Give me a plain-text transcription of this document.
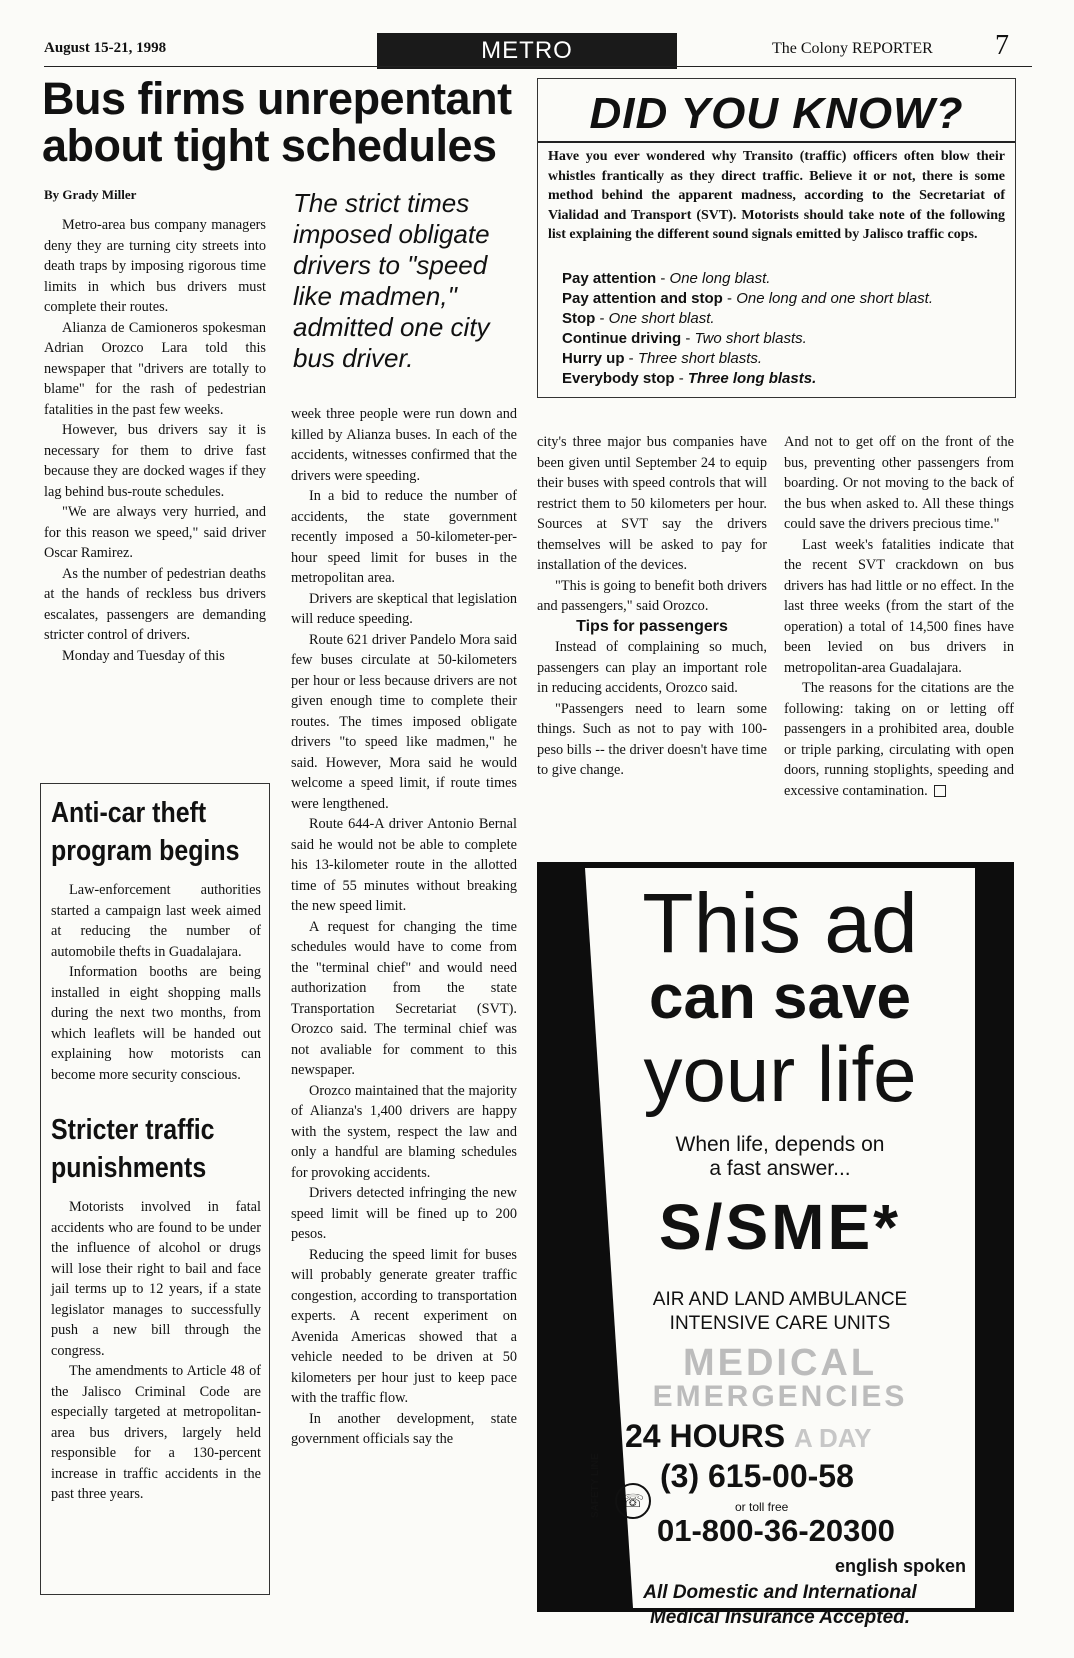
August 15-21, 1998	METRO	The Colony REPORTER 7
Bus firms unrepentant about tight schedules
By Grady Miller

Metro-area bus company managers deny they are turning city streets into death traps by imposing rigorous time limits in which bus drivers must complete their routes.

Alianza de Camioneros spokesman Adrian Orozco Lara told this newspaper that "drivers are totally to blame" for the rash of pedestrian fatalities in the past few weeks.

However, bus drivers say it is necessary for them to drive fast because they are docked wages if they lag behind bus-route schedules.

"We are always very hurried, and for this reason we speed," said driver Oscar Ramirez.

As the number of pedestrian deaths at the hands of reckless bus drivers escalates, passengers are demanding stricter control of drivers.

Monday and Tuesday of this

The strict times imposed obligate drivers to "speed like madmen," admitted one city bus driver.

week three people were run down and killed by Alianza buses. In each of the accidents, witnesses confirmed that the drivers were speeding.

In a bid to reduce the number of accidents, the state government recently imposed a 50-kilometer-per-hour speed limit for buses in the metropolitan area.

Drivers are skeptical that legislation will reduce speeding.

Route 621 driver Pandelo Mora said few buses circulate at 50-kilometers per hour or less because drivers are not given enough time to complete their routes. The times imposed obligate drivers "to speed like madmen," he said. However, Mora said he would welcome a speed limit, if route times were lengthened.

Route 644-A driver Antonio Bernal said he would not be able to complete his 13-kilometer route in the allotted time of 55 minutes without breaking the new speed limit.

A request for changing the time schedules would have to come from the "terminal chief" and would need authorization from the state Transportation Secretariat (SVT). Orozco said. The terminal chief was not avaliable for comment to this newspaper.

Orozco maintained that the majority of Alianza's 1,400 drivers are happy with the system, respect the law and only a handful are blaming schedules for provoking accidents.

Drivers detected infringing the new speed limit will be fined up to 200 pesos.

Reducing the speed limit for buses will probably generate greater traffic congestion, according to transportation experts. A recent experiment on Avenida Americas showed that a vehicle needed to be driven at 50 kilometers per hour just to keep pace with the traffic flow.

In another development, state government officials say the

city's three major bus companies have been given until September 24 to equip their buses with speed controls that will restrict them to 50 kilometers per hour. Sources at SVT say the drivers themselves will be asked to pay for installation of the devices.

"This is going to benefit both drivers and passengers," said Orozco.

Tips for passengers

Instead of complaining so much, passengers can play an important role in reducing accidents, Orozco said.

"Passengers need to learn some things. Such as not to pay with 100-peso bills -- the driver doesn't have time to give change.

And not to get off on the front of the bus, preventing other passengers from boarding. Or not moving to the back of the bus when asked to. All these things could save the drivers precious time."

Last week's fatalities indicate that the recent SVT crackdown on bus drivers has had little or no effect. In the last three weeks (from the start of the operation) a total of 14,500 fines have been levied on bus drivers in metropolitan-area Guadalajara.

The reasons for the citations are the following: taking on or letting off passengers in a prohibited area, double or triple parking, circulating with open doors, running stoplights, speeding and excessive contamination.

Anti-car theft program begins

Law-enforcement authorities started a campaign last week aimed at reducing the number of automobile thefts in Guadalajara.

Information booths are being installed in eight shopping malls during the next two months, from which leaflets will be handed out explaining how motorists can become more security conscious.

Stricter traffic punishments

Motorists involved in fatal accidents who are found to be under the influence of alcohol or drugs will lose their right to bail and face jail terms up to 12 years, if a state legislator manages to successfully push a new bill through the congress.

The amendments to Article 48 of the Jalisco Criminal Code are especially targeted at metropolitan-area bus drivers, largely held responsible for a 130-percent increase in traffic accidents in the past three years.

DID YOU KNOW?
Have you ever wondered why Transito (traffic) officers often blow their whistles frantically as they direct traffic. Believe it or not, there is some method behind the apparent madness, according to the Secretariat of Vialidad and Transport (SVT). Motorists should take note of the following list explaining the different sound signals emitted by Jalisco traffic cops.
Pay attention - One long blast.
Pay attention and stop - One long and one short blast.
Stop - One short blast.
Continue driving - Two short blasts.
Hurry up - Three short blasts.
Everybody stop - Three long blasts.
This ad
can save
your life
When life, depends on
a fast answer...
S/SME*
AIR AND LAND AMBULANCE
INTENSIVE CARE UNITS
MEDICAL
EMERGENCIES
24 HOURS A DAY
SAFETY LINE	☏
(3) 615-00-58
or toll free
01-800-36-20300
english spoken
All Domestic and International
Medical Insurance Accepted.
